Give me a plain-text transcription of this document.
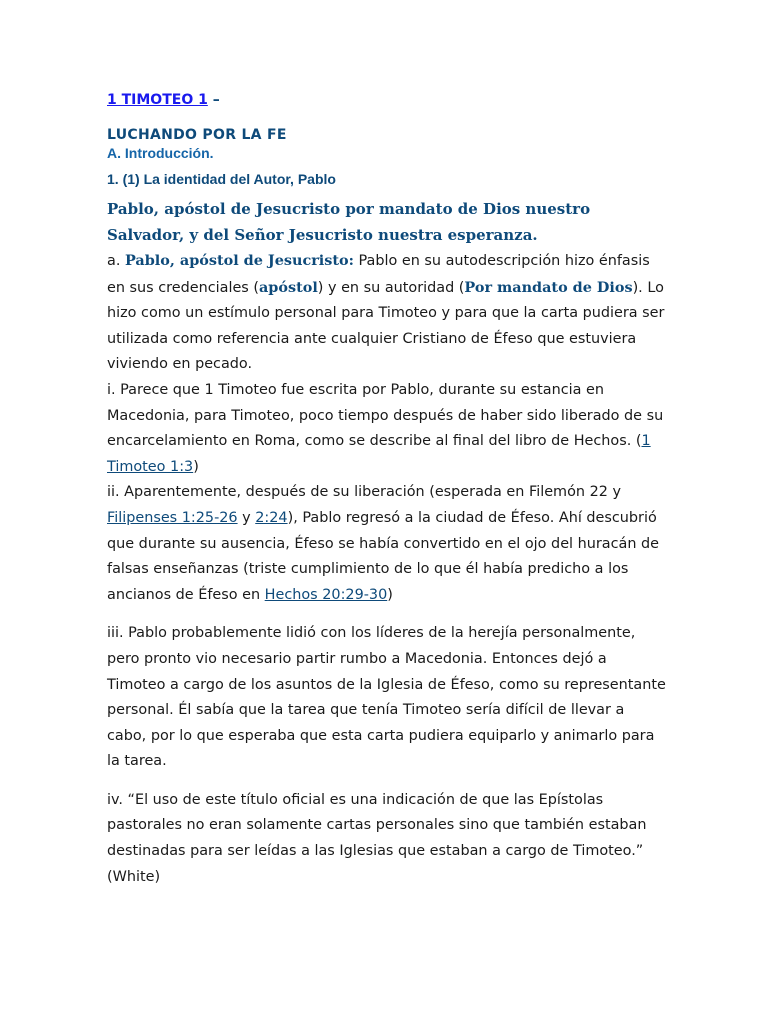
1 TIMOTEO 1 –

LUCHANDO POR LA FE

A. Introducción.

1. (1) La identidad del Autor, Pablo

Pablo, apóstol de Jesucristo por mandato de Dios nuestro Salvador, y del Señor Jesucristo nuestra esperanza.

a. Pablo, apóstol de Jesucristo: Pablo en su autodescripción hizo énfasis en sus credenciales (apóstol) y en su autoridad (Por mandato de Dios). Lo hizo como un estímulo personal para Timoteo y para que la carta pudiera ser utilizada como referencia ante cualquier Cristiano de Éfeso que estuviera viviendo en pecado.

i. Parece que 1 Timoteo fue escrita por Pablo, durante su estancia en Macedonia, para Timoteo, poco tiempo después de haber sido liberado de su encarcelamiento en Roma, como se describe al final del libro de Hechos. (1 Timoteo 1:3)

ii. Aparentemente, después de su liberación (esperada en Filemón 22 y Filipenses 1:25-26 y 2:24), Pablo regresó a la ciudad de Éfeso. Ahí descubrió que durante su ausencia, Éfeso se había convertido en el ojo del huracán de falsas enseñanzas (triste cumplimiento de lo que él había predicho a los ancianos de Éfeso en Hechos 20:29-30)

iii. Pablo probablemente lidió con los líderes de la herejía personalmente, pero pronto vio necesario partir rumbo a Macedonia. Entonces dejó a Timoteo a cargo de los asuntos de la Iglesia de Éfeso, como su representante personal. Él sabía que la tarea que tenía Timoteo sería difícil de llevar a cabo, por lo que esperaba que esta carta pudiera equiparlo y animarlo para la tarea.

iv. “El uso de este título oficial es una indicación de que las Epístolas pastorales no eran solamente cartas personales sino que también estaban destinadas para ser leídas a las Iglesias que estaban a cargo de Timoteo.” (White)
